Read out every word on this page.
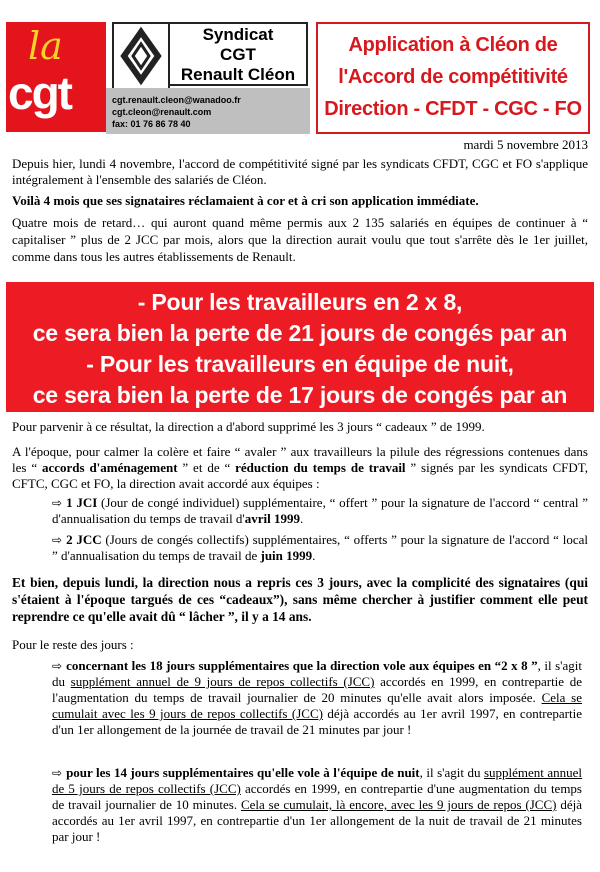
la
cgt
Syndicat
CGT
Renault Cléon
cgt.renault.cleon@wanadoo.fr
cgt.cleon@renault.com
fax: 01 76 86 78 40
Application à Cléon de
l'Accord de compétitivité
Direction - CFDT - CGC - FO
mardi 5 novembre 2013
Depuis hier, lundi 4 novembre, l'accord de compétitivité signé par les syndicats CFDT, CGC et FO s'applique intégralement à l'ensemble des salariés de Cléon.
Voilà 4 mois que ses signataires réclamaient à cor et à cri son application immédiate.
Quatre mois de retard… qui auront quand même permis aux 2 135 salariés en équipes de continuer à “ capitaliser ” plus de 2 JCC par mois, alors que la direction aurait voulu que tout s'arrête dès le 1er juillet, comme dans tous les autres établissements de Renault.
- Pour les travailleurs en 2 x 8,
ce sera bien la perte de 21 jours de congés par an
- Pour les travailleurs en équipe de nuit,
ce sera bien la perte de 17 jours de congés par an
Pour parvenir à ce résultat, la direction a d'abord supprimé les 3 jours “ cadeaux ” de 1999.
A l'époque, pour calmer la colère et faire “ avaler ” aux travailleurs la pilule des régressions contenues dans les “ accords d'aménagement ” et de “ réduction du temps de travail ” signés par les syndicats CFDT, CFTC, CGC et FO, la direction avait accordé aux équipes :
⇨ 1 JCI (Jour de congé individuel) supplémentaire, “ offert ” pour la signature de l'accord “ central ” d'annualisation du temps de travail d'avril 1999.
⇨ 2 JCC (Jours de congés collectifs) supplémentaires, “ offerts ” pour la signature de l'accord “ local ” d'annualisation du temps de travail de juin 1999.
Et bien, depuis lundi, la direction nous a repris ces 3 jours, avec la complicité des signataires (qui s'étaient à l'époque targués de ces “cadeaux”), sans même chercher à justifier comment elle peut reprendre ce qu'elle avait dû “ lâcher ”, il y a 14 ans.
Pour le reste des jours :
⇨ concernant les 18 jours supplémentaires que la direction vole aux équipes en “2 x 8 ”, il s'agit du supplément annuel de 9 jours de repos collectifs (JCC) accordés en 1999, en contrepartie de l'augmentation du temps de travail journalier de 20 minutes qu'elle avait alors imposée. Cela se cumulait avec les 9 jours de repos collectifs (JCC) déjà accordés au 1er avril 1997, en contrepartie d'un 1er allongement de la journée de travail de 21 minutes par jour !
⇨ pour les 14 jours supplémentaires qu'elle vole à l'équipe de nuit, il s'agit du supplément annuel de 5 jours de repos collectifs (JCC) accordés en 1999, en contrepartie d'une augmentation du temps de travail journalier de 10 minutes. Cela se cumulait, là encore, avec les 9 jours de repos (JCC) déjà accordés au 1er avril 1997, en contrepartie d'un 1er allongement de la nuit de travail de 21 minutes par jour !
